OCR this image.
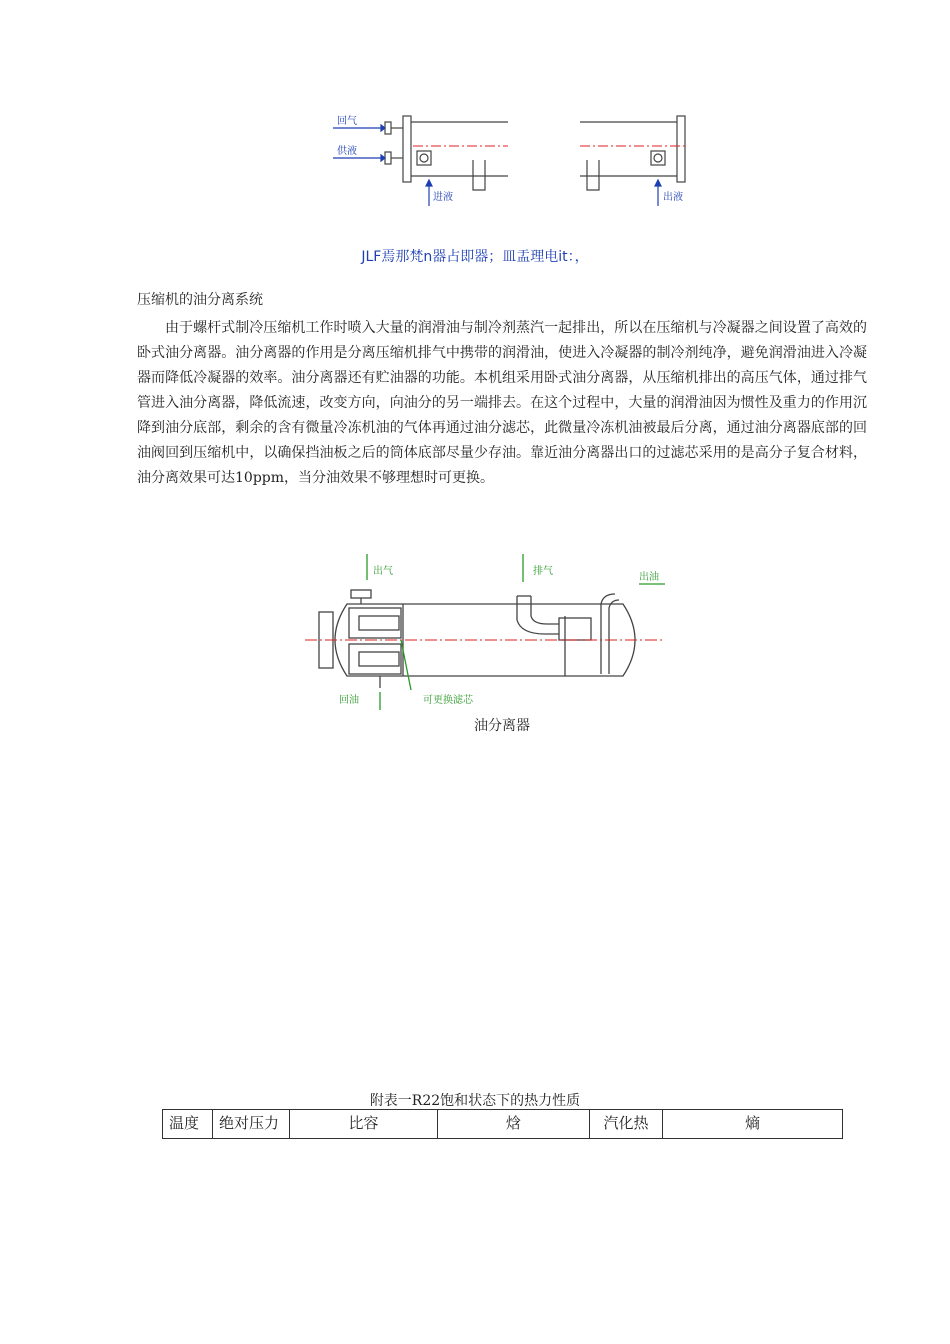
回气
供液
进液	出液
JLF焉那梵n器占即器；皿盂理电it：，
压缩机的油分离系统
由于螺杆式制冷压缩机工作时喷入大量的润滑油与制冷剂蒸汽一起排出，所以在压缩机与冷凝器之间设置了高效的卧式油分离器。油分离器的作用是分离压缩机排气中携带的润滑油，使进入冷凝器的制冷剂纯净，避免润滑油进入冷凝器而降低冷凝器的效率。油分离器还有贮油器的功能。本机组采用卧式油分离器，从压缩机排出的高压气体，通过排气管进入油分离器，降低流速，改变方向，向油分的另一端排去。在这个过程中，大量的润滑油因为惯性及重力的作用沉降到油分底部，剩余的含有微量冷冻机油的气体再通过油分滤芯，此微量冷冻机油被最后分离，通过油分离器底部的回油阀回到压缩机中，以确保挡油板之后的筒体底部尽量少存油。靠近油分离器出口的过滤芯采用的是高分子复合材料，油分离效果可达10ppm，当分油效果不够理想时可更换。
出气	排气
出油
回油	可更换滤芯
油分离器
附表一R22饱和状态下的热力性质
温度	绝对压力	比容	焓	汽化热	熵
